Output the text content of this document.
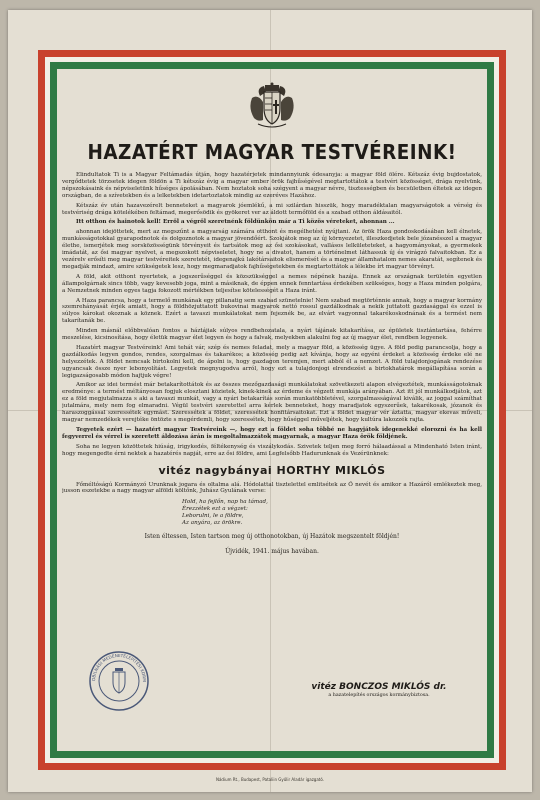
HAZATÉRT MAGYAR TESTVÉREINK!

Elindultatok Ti is a Magyar Feltámadás útján, hogy hazatérjetek mindannyiunk édesanyja: a magyar föld ölére. Kétszáz évig bujdostatok, vergődtetek törzsetek idegen földön a Ti kétszáz évig a magyar ember örök fajhűségével megtartottátok a testvéri közösséget, drága nyelvünk, népszokásaink és népviseletünk hűséges ápolásában. Nem hoztatok soha szégyent a magyar névre, tisztességben és becsületben éltetek az idegen országban, de a szívetekben és a lelketekben idetartoztatok mindig az ezeréves Hazához.

Kétszáz év után hazavezérelt benneteket a magyarok jóemlékű, a mi szilárdan hisszük, hogy maradéktalan magyarságotok a vérség és testvériség drága kötelékében feltámad, megerősödik és gyökeret ver az áldott termőföld és a szabad otthon áldásaitól.

Itt otthon és hainotok kell! Erről a végről szeretnénk földünkön már a Ti közös véreteket, ahonnan ...

ahonnan idejöttetek, mert az megszűnt a magyarság számára otthont és megélhetést nyújtani. Az örök Haza gondoskodásában kell élnetek, munkásságotokkal gyarapodnotok és dolgoznotok a magyar jövendőért. Szokjátok meg az új környezetet, illeszkedjetek bele józanésszel a magyar élethe, ismerjétek meg sorsközösségünk törvényeit és tartsátok meg az ősi szokásokat, vallásos lelkületeteket, a hagyományokat, a gyermekek imádatát, az ősi magyar nyelvet, a megszokott népviseletet, hogy ne a divatot, hanem a történelmet láthassuk új és virágzó falvaitokban. Ez a vezérelv erősíti meg magyar testvéreitek szeretetét, idegenajkú lakótársaitok elismerését és a magyar államhatalom nemes akaratát, segítenek és megadják mindazt, amire szükségetek lesz, hogy megmaradjatok fajhűségetekben és megtartottátok a lélekbe írt magyar törvényt.

A föld, akit otthont nyertetek, a jogszerűséggel és közszükséggel a nemes népének hazája. Ennek az országnak területén egyetlen állampolgárnak sincs több, vagy kevesebb joga, mint a másiknak, de éppen ennek fenntartása érdekében szükséges, hogy a Haza minden polgára, a Nemzetnek minden egyes tagja fokozott mértékben teljesítse kötelességét a Haza iránt.

A Haza parancsa, hogy a termelő munkának egy pillanatig sem szabad szünetelnie! Nem szabad megtörténnie annak, hogy a magyar kormány szemrehányását érjék amiatt, hogy a földhözjuttatott bukovinai magyarok nettó rossul gazdálkodnak a nekik juttatott gazdasággal és ezzel is súlyos károkat okoznak a köznek. Ezért a tavaszi munkálatokat nem fejeznék be, az elvárt vagyonnal takarékoskodnának és a termést nem takarítanák be.

Minden másnál előbbvalóan fontos a háztájiak súlyos rendbehozatala, a nyári tájának kitakarítása, az épületek tisztántartása, fehérre meszelése, kicsinosítása, hogy életük magyar élet legyen és hogy a falvak, melyekben alakulni fog az új magyar élet, rendben legyenek.

Hazatért magyar Testvéreink! Ami tehát vár, szép és nemes feladat, mely a magyar föld, a közösség ügye. A föld pedig parancsolja, hogy a gazdálkodás legyen gondos, rendes, szorgalmas és takarékos; a közösség pedig azt kívánja, hogy az egyéni érdeket a közösség érdeke elé ne helyezzétek. A földet nemcsak birtokolni kell, de ápolni is, hogy gazdagon teremjen, mert abból él a nemzet. A föld tulajdonjogának rendezése ugyancsak össze nyer lebonyolítást. Legyetek megnyugodva arról, hogy ezt a tulajdonjogi elrendezést a birtokhatárok megállapítása során a legigazságosabb módon hajtjuk végre!

Amikor az idei termést már betakarítottátok és az összes mezőgazdasági munkálatokat szövetkezeti alapon elvégeztétek, munkásságotoknak eredménye: a termést méltányosan fogjuk elosztani közietek, kinek-kinek az érdeme és végzett munkája arányában. Azt itt jól munkálkodjátok, azt ez a föld megjutalmazza s aki a tavaszi munkát, vagy a nyári betakarítás során munkatöbbletével, szorgalmasságával kiválik, az joggal számíthat jutalmára, mely nem fog elmaradni. Végül testvéri szeretettel arra kérlek benneteket, hogy maradjatok egyszerűek, takarékosak, józanok és haraszoggással szeressétek egymást. Szeressétek a földet, szeressétek honfitársaitokat. Ezt a földet magyar vér áztatta, magyar ekevas műveli, magyar nemzedékek verejtéke öntözte s megérdemli, hogy szeressétek, hogy hűséggel műveljétek, hogy kultúra lakozzék rajta.

Tegyetek ezért — hazatért magyar Testvéreink —, hogy ezt a földet soha többé ne hagyjátok idegenekké elorozni és ha kell fegyverrel és vérrel is szeretett áldozása árán is megoltalmazzátok magyarnak, a magyar Haza örök földjének.

Soha ne legyen közöttetek hiúság, irigykedés, féltékenység és viszálykodás. Szivetek teljen meg forró hálaadással a Mindenható Isten iránt, hogy megengedte érni nektek a hazatérés napját, erre az ősi földre, ami Legfelsőbb Hadurunknak és Vezérünknek:

vitéz nagybányai HORTHY MIKLÓS

Főméltóságú Kormányzó Urunknak jogara és oltalma alá. Hódolattal tisztelettel emlitsétek az Ő nevét és amikor a Hazáról emlékeztek meg, jusson eszetekbe a nagy magyar alföldi költőnk, Juhász Gyulának verse:

Hold, ha fejlőn, nap ha támad,
Érezzétek ezt a végzet:
Leborulni, le a földre,
Az anyára, az örökre.
Isten éltessen, Isten tartson meg új otthonotokban, új Hazátok megszentelt földjén!
Újvidék, 1941. május havában.
OBILNÁSI MEDENETELEPÍTÉSI KORM
vitéz BONCZOS MIKLÓS dr.
a hazatelepítés országos kormánybiztosa.
Nádium Rt., Budapest, Pataliin Gyűlir Aladár igazgató.
